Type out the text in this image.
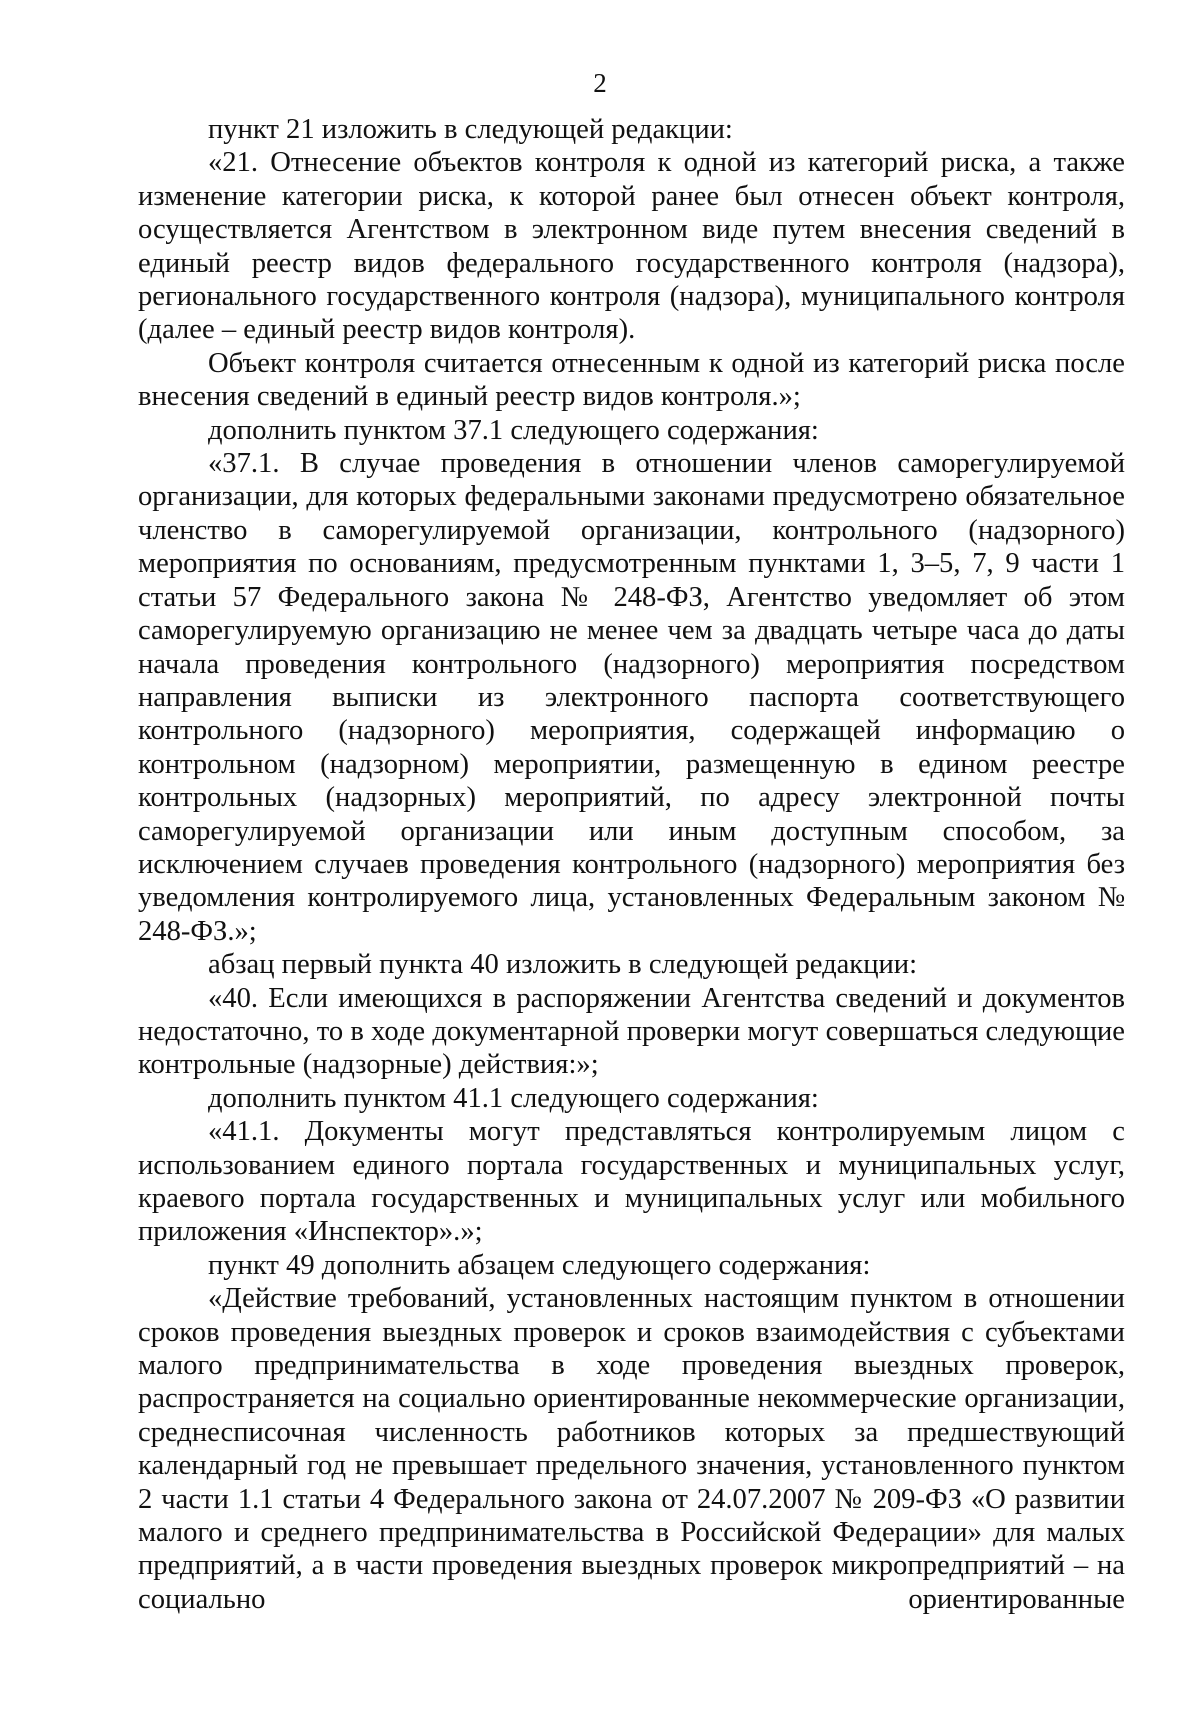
2

пункт 21 изложить в следующей редакции:

«21. Отнесение объектов контроля к одной из категорий риска, а также изменение категории риска, к которой ранее был отнесен объект контроля, осуществляется Агентством в электронном виде путем внесения сведений в единый реестр видов федерального государственного контроля (надзора), регионального государственного контроля (надзора), муниципального контроля (далее – единый реестр видов контроля).

Объект контроля считается отнесенным к одной из категорий риска после внесения сведений в единый реестр видов контроля.»;

дополнить пунктом 37.1 следующего содержания:

«37.1. В случае проведения в отношении членов саморегулируемой организации, для которых федеральными законами предусмотрено обязательное членство в саморегулируемой организации, контрольного (надзорного) мероприятия по основаниям, предусмотренным пунктами 1, 3–5, 7, 9 части 1 статьи 57 Федерального закона № 248-ФЗ, Агентство уведомляет об этом саморегулируемую организацию не менее чем за двадцать четыре часа до даты начала проведения контрольного (надзорного) мероприятия посредством направления выписки из электронного паспорта соответствующего контрольного (надзорного) мероприятия, содержащей информацию о контрольном (надзорном) мероприятии, размещенную в едином реестре контрольных (надзорных) мероприятий, по адресу электронной почты саморегулируемой организации или иным доступным способом, за исключением случаев проведения контрольного (надзорного) мероприятия без уведомления контролируемого лица, установленных Федеральным законом № 248-ФЗ.»;

абзац первый пункта 40 изложить в следующей редакции:

«40. Если имеющихся в распоряжении Агентства сведений и документов недостаточно, то в ходе документарной проверки могут совершаться следующие контрольные (надзорные) действия:»;

дополнить пунктом 41.1 следующего содержания:

«41.1. Документы могут представляться контролируемым лицом с использованием единого портала государственных и муниципальных услуг, краевого портала государственных и муниципальных услуг или мобильного приложения «Инспектор».»;

пункт 49 дополнить абзацем следующего содержания:

«Действие требований, установленных настоящим пунктом в отношении сроков проведения выездных проверок и сроков взаимодействия с субъектами малого предпринимательства в ходе проведения выездных проверок, распространяется на социально ориентированные некоммерческие организации, среднесписочная численность работников которых за предшествующий календарный год не превышает предельного значения, установленного пунктом 2 части 1.1 статьи 4 Федерального закона от 24.07.2007 № 209-ФЗ «О развитии малого и среднего предпринимательства в Российской Федерации» для малых предприятий, а в части проведения выездных проверок микропредприятий – на социально ориентированные
